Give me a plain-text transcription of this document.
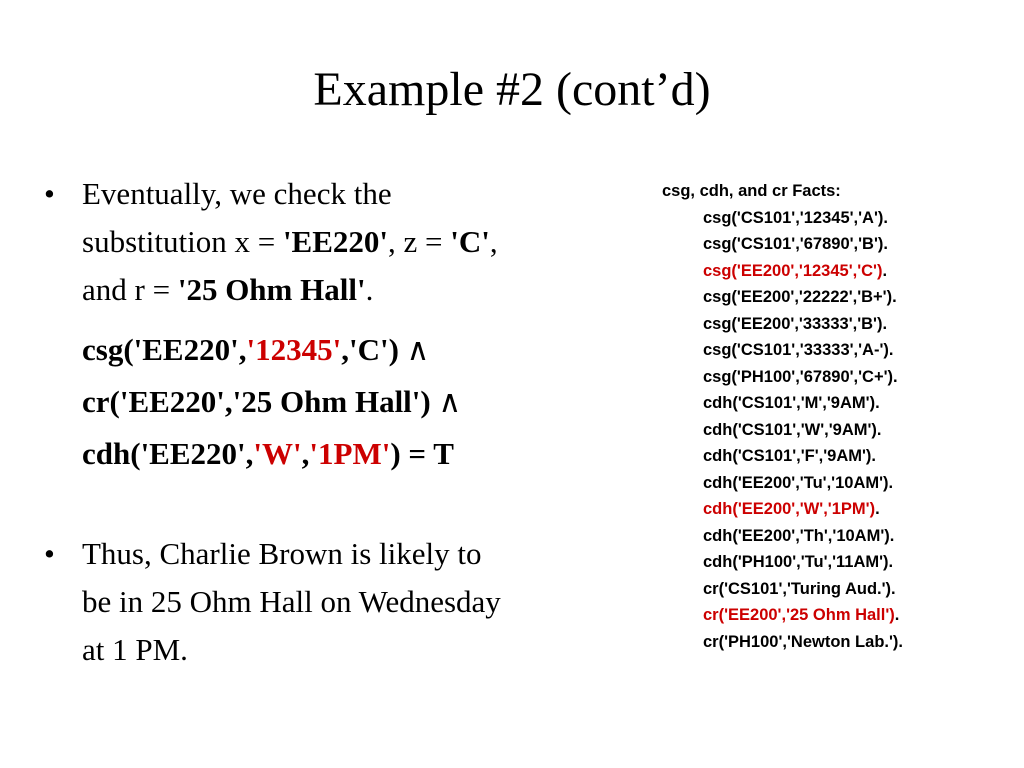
Example #2 (cont’d)
• Eventually, we check the
substitution x = 'EE220', z = 'C',
and r = '25 Ohm Hall'.
csg('EE220','12345','C') ∧
cr('EE220','25 Ohm Hall') ∧
cdh('EE220','W','1PM') = T
• Thus, Charlie Brown is likely to
be in 25 Ohm Hall on Wednesday
at 1 PM.
csg, cdh, and cr Facts:
csg('CS101','12345','A').
csg('CS101','67890','B').
csg('EE200','12345','C').
csg('EE200','22222','B+').
csg('EE200','33333','B').
csg('CS101','33333','A-').
csg('PH100','67890','C+').
cdh('CS101','M','9AM').
cdh('CS101','W','9AM').
cdh('CS101','F','9AM').
cdh('EE200','Tu','10AM').
cdh('EE200','W','1PM').
cdh('EE200','Th','10AM').
cdh('PH100','Tu','11AM').
cr('CS101','Turing Aud.').
cr('EE200','25 Ohm Hall').
cr('PH100','Newton Lab.').
